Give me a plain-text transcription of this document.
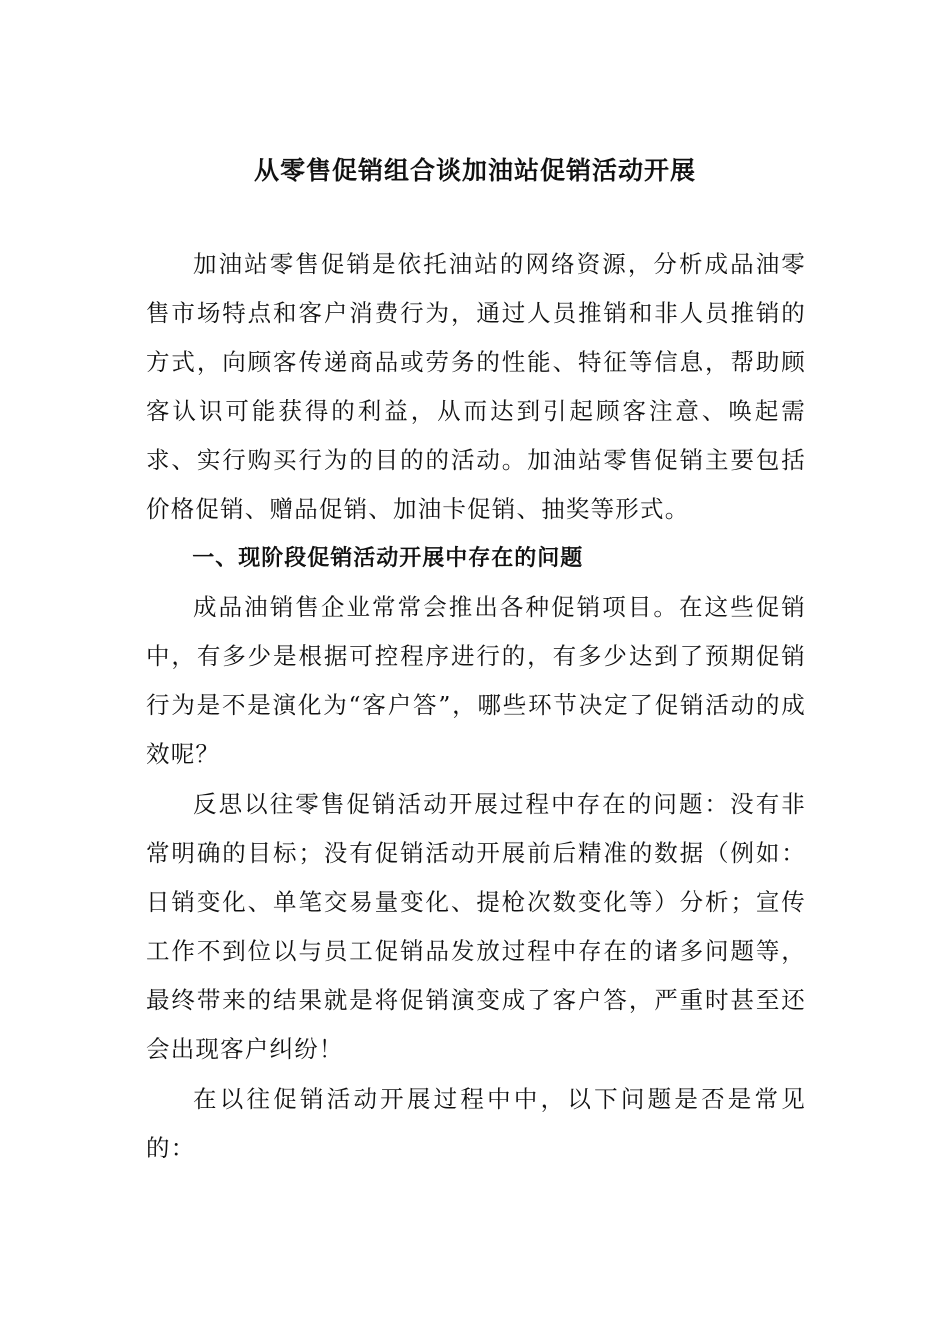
从零售促销组合谈加油站促销活动开展

加油站零售促销是依托油站的网络资源，分析成品油零售市场特点和客户消费行为，通过人员推销和非人员推销的方式，向顾客传递商品或劳务的性能、特征等信息，帮助顾客认识可能获得的利益，从而达到引起顾客注意、唤起需求、实行购买行为的目的的活动。加油站零售促销主要包括价格促销、赠品促销、加油卡促销、抽奖等形式。

一、现阶段促销活动开展中存在的问题

成品油销售企业常常会推出各种促销项目。在这些促销中，有多少是根据可控程序进行的，有多少达到了预期促销行为是不是演化为“客户答”，哪些环节决定了促销活动的成效呢？

反思以往零售促销活动开展过程中存在的问题：没有非常明确的目标；没有促销活动开展前后精准的数据（例如：日销变化、单笔交易量变化、提枪次数变化等）分析；宣传工作不到位以与员工促销品发放过程中存在的诸多问题等，最终带来的结果就是将促销演变成了客户答，严重时甚至还会出现客户纠纷！

在以往促销活动开展过程中中，以下问题是否是常见的：
